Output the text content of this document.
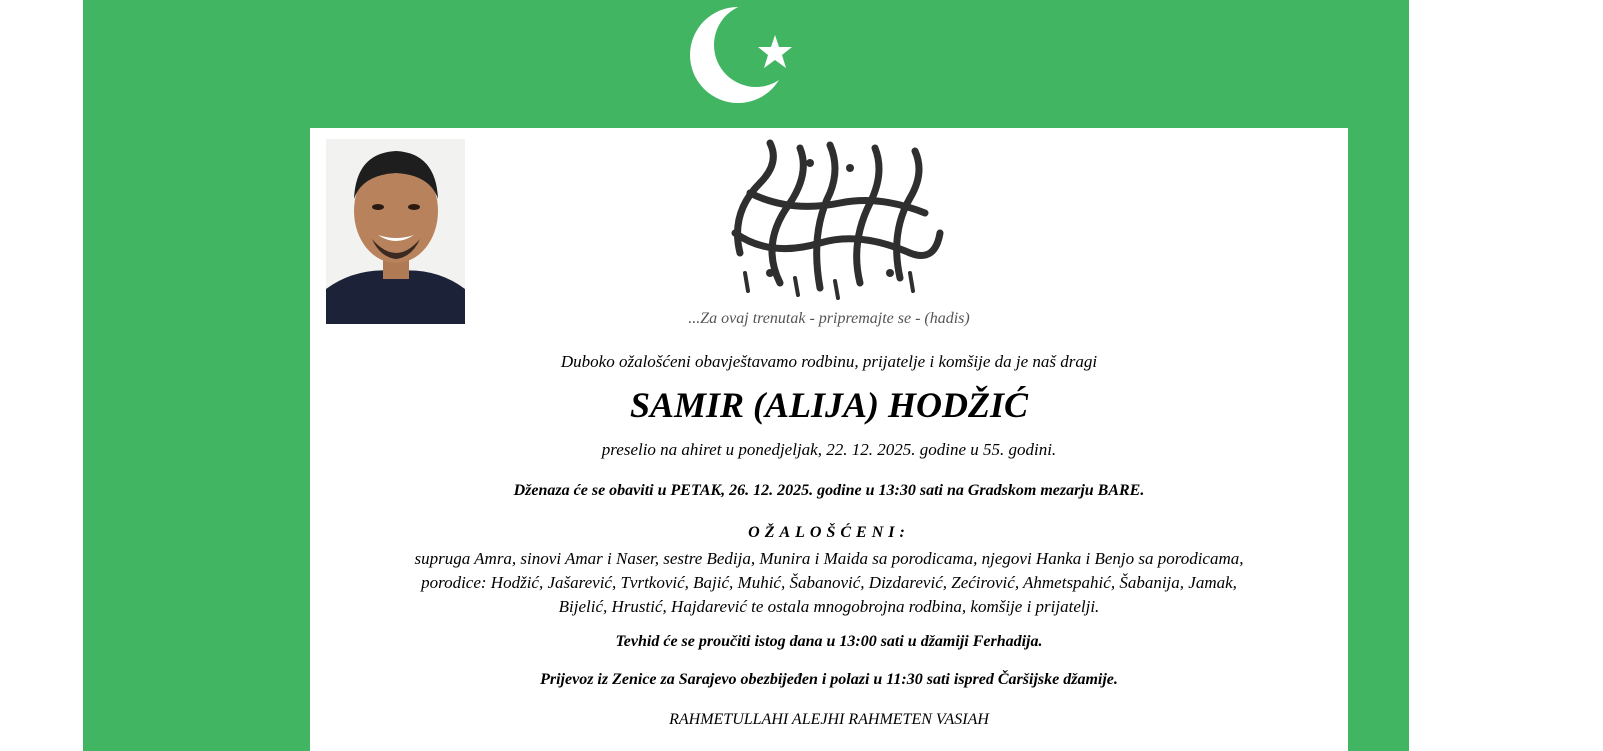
...Za ovaj trenutak - pripremajte se - (hadis)
Duboko ožalošćeni obavještavamo rodbinu, prijatelje i komšije da je naš dragi
SAMIR (ALIJA) HODŽIĆ
preselio na ahiret u ponedjeljak, 22. 12. 2025. godine u 55. godini.
Dženaza će se obaviti u PETAK, 26. 12. 2025. godine u 13:30 sati na Gradskom mezarju BARE.
OŽALOŠĆENI:
supruga Amra, sinovi Amar i Naser, sestre Bedija, Munira i Maida sa porodicama, njegovi Hanka i Benjo sa porodicama,
porodice: Hodžić, Jašarević, Tvrtković, Bajić, Muhić, Šabanović, Dizdarević, Zećirović, Ahmetspahić, Šabanija, Jamak,
Bijelić, Hrustić, Hajdarević te ostala mnogobrojna rodbina, komšije i prijatelji.
Tevhid će se proučiti istog dana u 13:00 sati u džamiji Ferhadija.
Prijevoz iz Zenice za Sarajevo obezbijeđen i polazi u 11:30 sati ispred Čaršijske džamije.
RAHMETULLAHI ALEJHI RAHMETEN VASIAH
